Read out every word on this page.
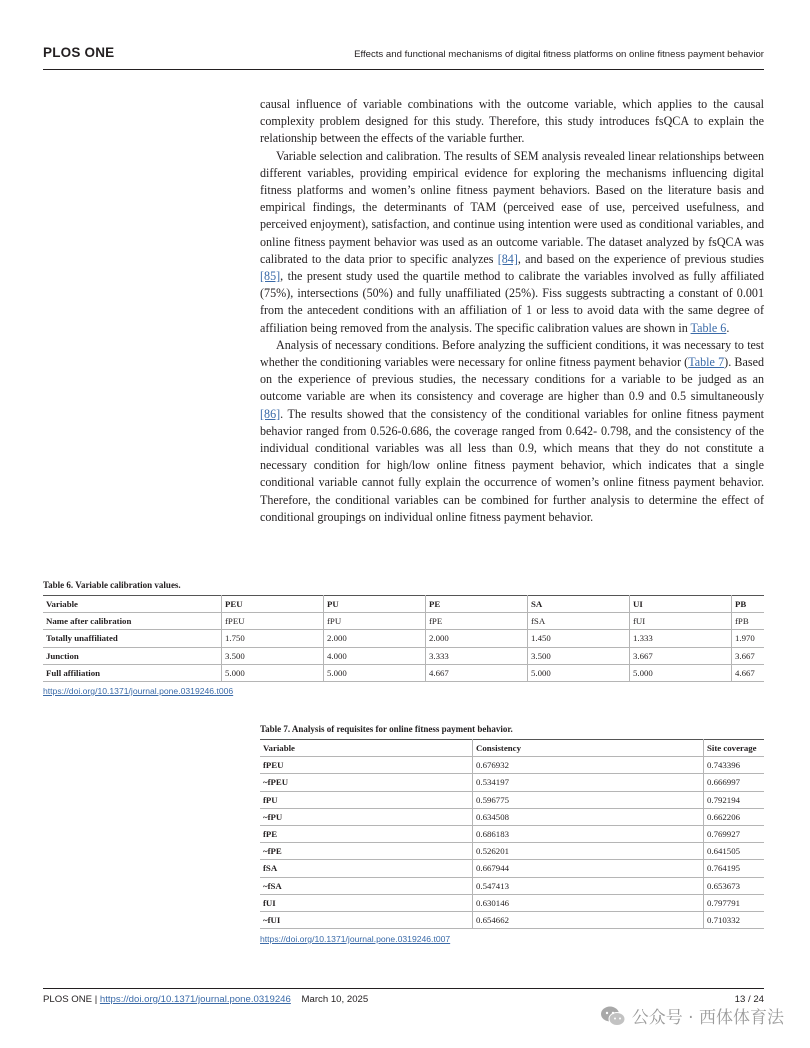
PLOS ONE	Effects and functional mechanisms of digital fitness platforms on online fitness payment behavior

causal influence of variable combinations with the outcome variable, which applies to the causal complexity problem designed for this study. Therefore, this study introduces fsQCA to explain the relationship between the effects of the variable further.

Variable selection and calibration. The results of SEM analysis revealed linear relationships between different variables, providing empirical evidence for exploring the mechanisms influencing digital fitness platforms and women’s online fitness payment behaviors. Based on the literature basis and empirical findings, the determinants of TAM (perceived ease of use, perceived usefulness, and perceived enjoyment), satisfaction, and continue using intention were used as conditional variables, and online fitness payment behavior was used as an outcome variable. The dataset analyzed by fsQCA was calibrated to the data prior to specific analyzes [84], and based on the experience of previous studies [85], the present study used the quartile method to calibrate the variables involved as fully affiliated (75%), intersections (50%) and fully unaffiliated (25%). Fiss suggests subtracting a constant of 0.001 from the antecedent conditions with an affiliation of 1 or less to avoid data with the same degree of affiliation being removed from the analysis. The specific calibration values are shown in Table 6.

Analysis of necessary conditions. Before analyzing the sufficient conditions, it was necessary to test whether the conditioning variables were necessary for online fitness payment behavior (Table 7). Based on the experience of previous studies, the necessary conditions for a variable to be judged as an outcome variable are when its consistency and coverage are higher than 0.9 and 0.5 simultaneously [86]. The results showed that the consistency of the conditional variables for online fitness payment behavior ranged from 0.526-0.686, the coverage ranged from 0.642- 0.798, and the consistency of the individual conditional variables was all less than 0.9, which means that they do not constitute a necessary condition for high/low online fitness payment behavior, which indicates that a single conditional variable cannot fully explain the occurrence of women’s online fitness payment behavior. Therefore, the conditional variables can be combined for further analysis to determine the effect of conditional groupings on individual online fitness payment behavior.

Table 6. Variable calibration values.
Variable	PEU	PU	PE	SA	UI	PB
Name after calibration	fPEU	fPU	fPE	fSA	fUI	fPB
Totally unaffiliated	1.750	2.000	2.000	1.450	1.333	1.970
Junction	3.500	4.000	3.333	3.500	3.667	3.667
Full affiliation	5.000	5.000	4.667	5.000	5.000	4.667
https://doi.org/10.1371/journal.pone.0319246.t006
Table 7. Analysis of requisites for online fitness payment behavior.
Variable	Consistency	Site coverage
fPEU	0.676932	0.743396
~fPEU	0.534197	0.666997
fPU	0.596775	0.792194
~fPU	0.634508	0.662206
fPE	0.686183	0.769927
~fPE	0.526201	0.641505
fSA	0.667944	0.764195
~fSA	0.547413	0.653673
fUI	0.630146	0.797791
~fUI	0.654662	0.710332
https://doi.org/10.1371/journal.pone.0319246.t007
PLOS ONE | https://doi.org/10.1371/journal.pone.0319246 March 10, 2025	13 / 24
公众号 · 西体体育法
